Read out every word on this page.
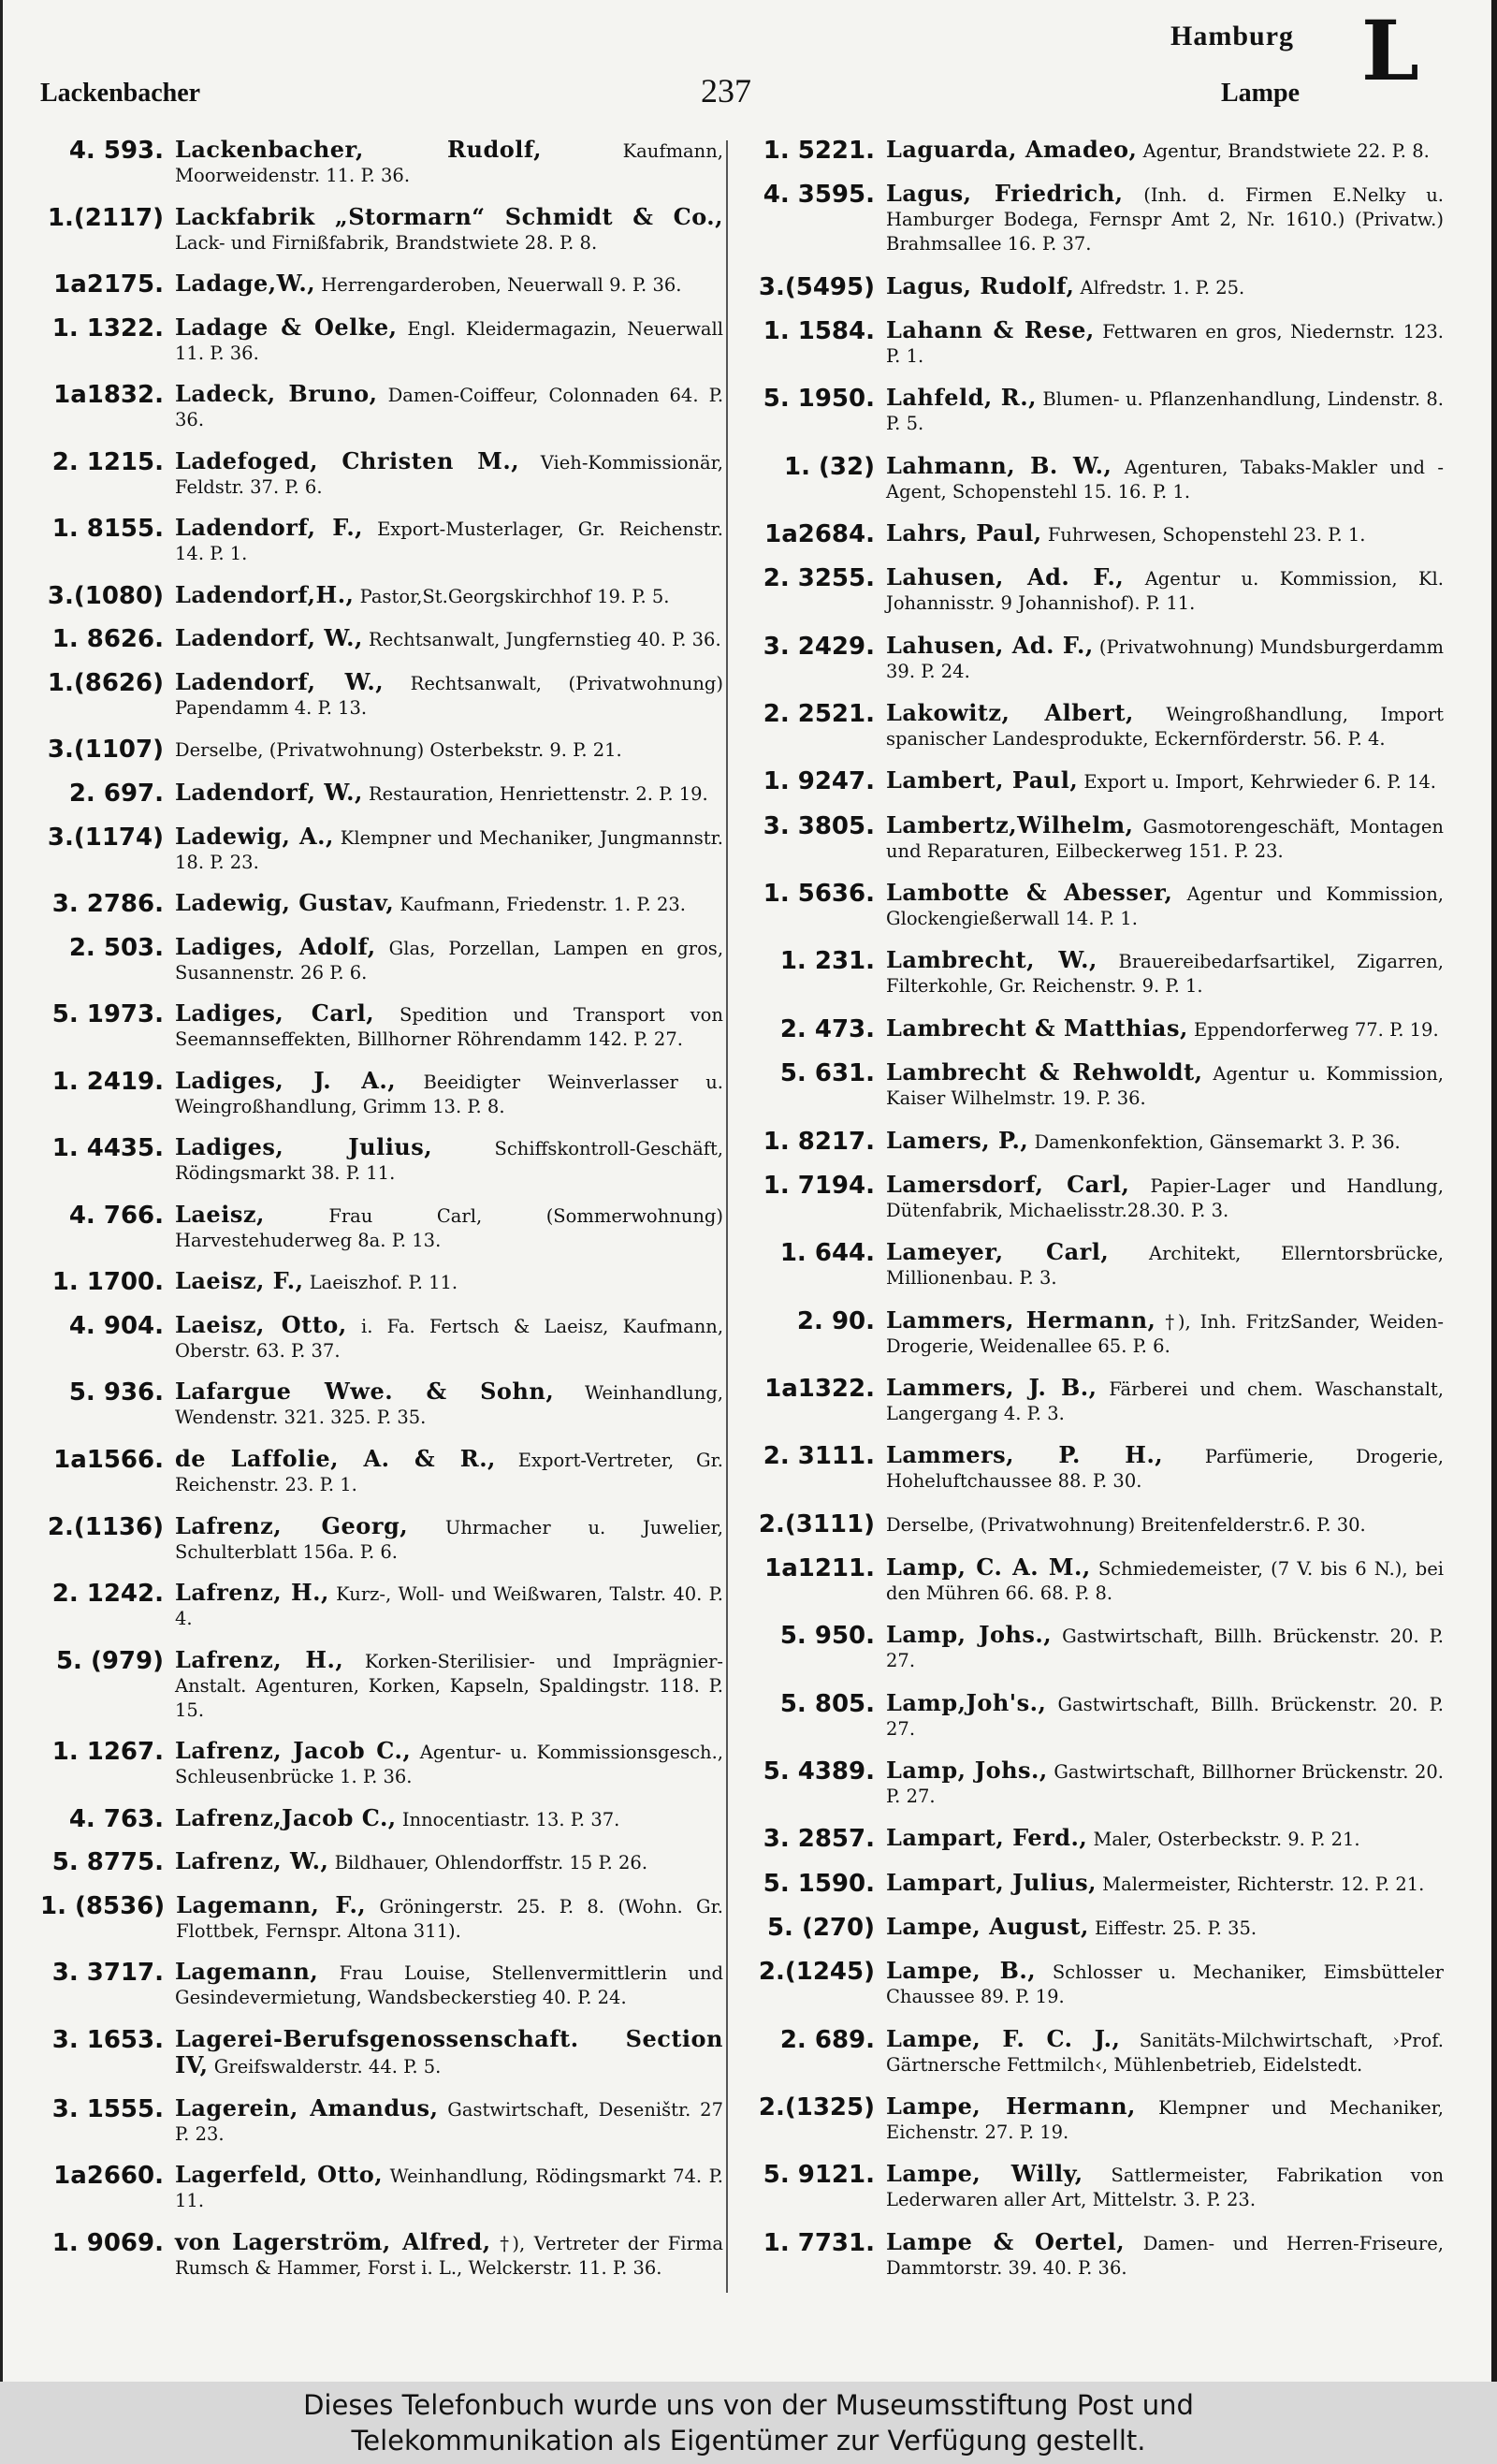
Hamburg L
Lackenbacher	237	Lampe
4. 593. Lackenbacher, Rudolf,	Kaufmann, Moorweidenstr. 11. P. 36.
1.(2117) Lackfabrik „Stormarn“ Schmidt & Co., Lack- und Firnißfabrik, Brandstwiete 28. P. 8.
1a2175. Ladage,W., Herrengarderoben, Neuerwall 9. P. 36.
1. 1322. Ladage & Oelke, Engl. Kleidermagazin, Neuerwall 11. P. 36.
1a1832. Ladeck, Bruno, Damen-Coiffeur, Colonnaden 64. P. 36.
2. 1215. Ladefoged, Christen M., Vieh-Kommissionär, Feldstr. 37. P. 6.
1. 8155. Ladendorf, F., Export-Musterlager, Gr. Reichenstr. 14. P. 1.
3.(1080) Ladendorf,H., Pastor,St.Georgskirchhof 19. P. 5.
1. 8626. Ladendorf, W., Rechtsanwalt, Jungfernstieg 40. P. 36.
1.(8626) Ladendorf, W., Rechtsanwalt, (Privatwohnung) Papendamm 4. P. 13.
3.(1107) Derselbe, (Privatwohnung) Osterbekstr. 9. P. 21.
2. 697. Ladendorf, W., Restauration, Henriettenstr. 2. P. 19.
3.(1174) Ladewig, A., Klempner und Mechaniker, Jungmannstr. 18. P. 23.
3. 2786. Ladewig, Gustav, Kaufmann, Friedenstr. 1. P. 23.
2. 503. Ladiges, Adolf, Glas, Porzellan, Lampen en gros, Susannenstr. 26 P. 6.
5. 1973. Ladiges, Carl, Spedition und Transport von Seemannseffekten, Billhorner Röhrendamm 142. P. 27.
1. 2419. Ladiges, J. A., Beeidigter Weinverlasser u. Weingroßhandlung, Grimm 13. P. 8.
1. 4435. Ladiges, Julius,	Schiffskontroll-Geschäft, Rödingsmarkt 38. P. 11.
4. 766. Laeisz,	Frau Carl, (Sommerwohnung) Harvestehuderweg 8a. P. 13.
1. 1700. Laeisz, F., Laeiszhof. P. 11.
4. 904. Laeisz, Otto, i. Fa. Fertsch & Laeisz, Kaufmann, Oberstr. 63. P. 37.
5. 936. Lafargue Wwe. & Sohn, Weinhandlung, Wendenstr. 321. 325. P. 35.
1a1566. de Laffolie, A. & R., Export-Vertreter, Gr. Reichenstr. 23. P. 1.
2.(1136) Lafrenz, Georg, Uhrmacher u. Juwelier, Schulterblatt 156a. P. 6.
2. 1242. Lafrenz, H., Kurz-, Woll- und Weißwaren, Talstr. 40. P. 4.
5. (979) Lafrenz, H., Korken-Sterilisier- und Imprägnier-Anstalt. Agenturen, Korken, Kapseln, Spaldingstr. 118. P. 15.
1. 1267. Lafrenz, Jacob C., Agentur- u. Kommissionsgesch., Schleusenbrücke 1. P. 36.
4. 763. Lafrenz,Jacob C., Innocentiastr. 13. P. 37.
5. 8775. Lafrenz, W., Bildhauer, Ohlendorffstr. 15 P. 26.
1. (8536) Lagemann, F., Gröningerstr. 25. P. 8. (Wohn. Gr. Flottbek, Fernspr. Altona 311).
3. 3717. Lagemann, Frau Louise, Stellenvermittlerin und Gesindevermietung, Wandsbeckerstieg 40. P. 24.
3. 1653. Lagerei-Berufsgenossenschaft. Section IV, Greifswalderstr. 44. P. 5.
3. 1555. Lagerein, Amandus, Gastwirtschaft, Deseništr. 27 P. 23.
1a2660. Lagerfeld, Otto, Weinhandlung, Rödingsmarkt 74. P. 11.
1. 9069. von Lagerström, Alfred, †), Vertreter der Firma Rumsch & Hammer, Forst i. L., Welckerstr. 11. P. 36.
1. 5221. Laguarda, Amadeo, Agentur, Brandstwiete 22. P. 8.
4. 3595. Lagus, Friedrich, (Inh. d. Firmen E.Nelky u. Hamburger Bodega, Fernspr Amt 2, Nr. 1610.) (Privatw.) Brahmsallee 16. P. 37.
3.(5495) Lagus, Rudolf, Alfredstr. 1. P. 25.
1. 1584. Lahann & Rese, Fettwaren en gros, Niedernstr. 123. P. 1.
5. 1950. Lahfeld, R., Blumen- u. Pflanzenhandlung, Lindenstr. 8. P. 5.
1. (32) Lahmann, B. W., Agenturen, Tabaks-Makler und -Agent, Schopenstehl 15. 16. P. 1.
1a2684. Lahrs, Paul, Fuhrwesen, Schopenstehl 23. P. 1.
2. 3255. Lahusen, Ad. F., Agentur u. Kommission, Kl. Johannisstr. 9 Johannishof). P. 11.
3. 2429. Lahusen, Ad. F., (Privatwohnung) Mundsburgerdamm 39. P. 24.
2. 2521. Lakowitz, Albert, Weingroßhandlung, Import spanischer Landesprodukte, Eckernförderstr. 56. P. 4.
1. 9247. Lambert, Paul, Export u. Import, Kehrwieder 6. P. 14.
3. 3805. Lambertz,Wilhelm, Gasmotorengeschäft, Montagen und Reparaturen, Eilbeckerweg 151. P. 23.
1. 5636. Lambotte & Abesser, Agentur und Kommission, Glockengießerwall 14. P. 1.
1. 231. Lambrecht, W., Brauereibedarfsartikel, Zigarren, Filterkohle, Gr. Reichenstr. 9. P. 1.
2. 473. Lambrecht & Matthias, Eppendorferweg 77. P. 19.
5. 631. Lambrecht & Rehwoldt, Agentur u. Kommission, Kaiser Wilhelmstr. 19. P. 36.
1. 8217. Lamers, P., Damenkonfektion, Gänsemarkt 3. P. 36.
1. 7194. Lamersdorf, Carl, Papier-Lager und Handlung, Dütenfabrik, Michaelisstr.28.30. P. 3.
1. 644. Lameyer, Carl, Architekt, Ellerntorsbrücke, Millionenbau. P. 3.
2. 90. Lammers, Hermann, †), Inh. FritzSander, Weiden-Drogerie, Weidenallee 65. P. 6.
1a1322. Lammers, J. B., Färberei und chem. Waschanstalt, Langergang 4. P. 3.
2. 3111. Lammers, P. H., Parfümerie, Drogerie, Hoheluftchaussee 88. P. 30.
2.(3111) Derselbe, (Privatwohnung) Breitenfelderstr.6. P. 30.
1a1211. Lamp, C. A. M., Schmiedemeister, (7 V. bis 6 N.), bei den Mühren 66. 68. P. 8.
5. 950. Lamp, Johs., Gastwirtschaft, Billh. Brückenstr. 20. P. 27.
5. 805. Lamp,Joh's., Gastwirtschaft, Billh. Brückenstr. 20. P. 27.
5. 4389. Lamp, Johs., Gastwirtschaft, Billhorner Brückenstr. 20. P. 27.
3. 2857. Lampart, Ferd., Maler, Osterbeckstr. 9. P. 21.
5. 1590. Lampart, Julius, Malermeister, Richterstr. 12. P. 21.
5. (270) Lampe, August, Eiffestr. 25. P. 35.
2.(1245) Lampe, B., Schlosser u. Mechaniker, Eimsbütteler Chaussee 89. P. 19.
2. 689. Lampe, F. C. J., Sanitäts-Milchwirtschaft, ›Prof. Gärtnersche Fettmilch‹, Mühlenbetrieb, Eidelstedt.
2.(1325) Lampe, Hermann, Klempner und Mechaniker, Eichenstr. 27. P. 19.
5. 9121. Lampe, Willy, Sattlermeister, Fabrikation von Lederwaren aller Art, Mittelstr. 3. P. 23.
1. 7731. Lampe & Oertel, Damen- und Herren-Friseure, Dammtorstr. 39. 40. P. 36.
Dieses Telefonbuch wurde uns von der Museumsstiftung Post und
Telekommunikation als Eigentümer zur Verfügung gestellt.
